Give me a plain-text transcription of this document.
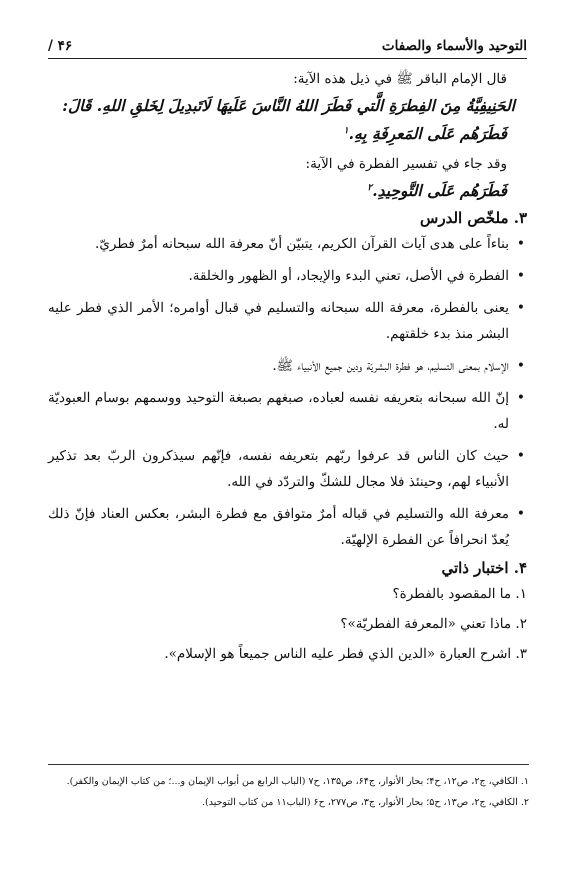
التوحيد والأسماء والصفات
۴۶ /

قال الإمام الباقر ﷺ في ذيل هذه الآية:

الحَنِيفِيَّةُ مِنَ الفِطرَةِ الَّتي فَطَرَ اللهُ النَّاسَ عَلَيهَا لَاتَبدِيلَ لِخَلقِ اللهِ. قَالَ:

فَطَرَهُم عَلَى المَعرِفَةِ بِهِ.$^١$

وقد جاء في تفسير الفطرة في الآية:

فَطَرَهُم عَلَى التَّوحِيدِ.$^٢$

۳. ملخّص الدرس
• بناءاً على هدى آيات القرآن الكريم، يتبيّن أنّ معرفة الله سبحانه أمرٌ فطريّ.
• الفطرة في الأصل، تعني البدء والإيجاد، أو الظهور والخلقة.
• يعنى بالفطرة، معرفة الله سبحانه والتسليم في قبال أوامره؛ الأمر الذي فطر عليه البشر منذ بدء خلقتهم.
• الإسلام بمعنى التسليم، هو فطرة البشريّة ودين جميع الأنبياء ﷺ.
• إنّ الله سبحانه بتعريفه نفسه لعباده، صبغهم بصبغة التوحيد ووسمهم بوسام العبوديّة له.
• حيث كان الناس قد عرفوا ربّهم بتعريفه نفسه، فإنّهم سيذكرون الربّ بعد تذكير الأنبياء لهم، وحينئذ فلا مجال للشكّ والتردّد في الله.
• معرفة الله والتسليم في قباله أمرٌ متوافق مع فطرة البشر، بعكس العناد فإنّ ذلك يُعدّ انحرافاً عن الفطرة الإلهيّة.
۴. اختبار ذاتي
۱. ما المقصود بالفطرة؟
۲. ماذا تعني «المعرفة الفطريّة»؟
۳. اشرح العبارة «الدين الذي فطر عليه الناس جميعاً هو الإسلام».

۱. الكافي، ج۲، ص۱۲، ح۴؛ بحار الأنوار، ج۶۴، ص۱۳۵، ح۷ (الباب الرابع من أبواب الإيمان و...؛ من كتاب الإيمان والكفر).

۲. الكافي، ج۲، ص۱۳، ح۵؛ بحار الأنوار، ج۳، ص۲۷۷، ح۶ (الباب۱۱ من كتاب التوحيد).
